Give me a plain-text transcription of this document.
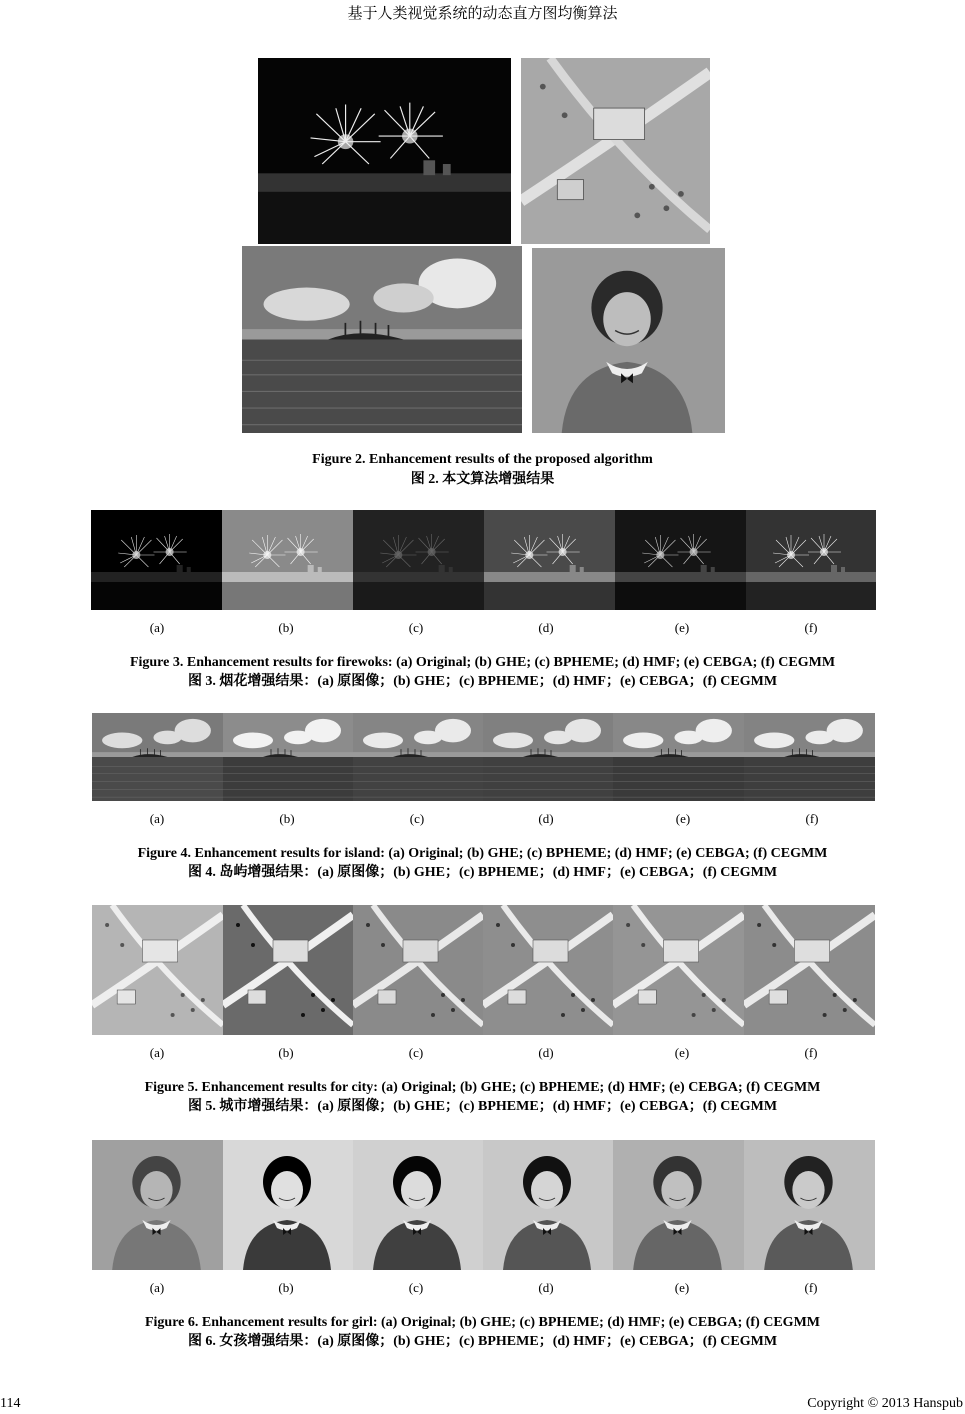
基于人类视觉系统的动态直方图均衡算法
Figure 2. Enhancement results of the proposed algorithm
图 2. 本文算法增强结果
(a)	(b)	(c)	(d)	(e)	(f)
Figure 3. Enhancement results for firewoks: (a) Original; (b) GHE; (c) BPHEME; (d) HMF; (e) CEBGA; (f) CEGMM
图 3. 烟花增强结果：(a) 原图像；(b) GHE；(c) BPHEME；(d) HMF；(e) CEBGA；(f) CEGMM
(a)	(b)	(c)	(d)	(e)	(f)
Figure 4. Enhancement results for island: (a) Original; (b) GHE; (c) BPHEME; (d) HMF; (e) CEBGA; (f) CEGMM
图 4. 岛屿增强结果：(a) 原图像；(b) GHE；(c) BPHEME；(d) HMF；(e) CEBGA；(f) CEGMM
(a)	(b)	(c)	(d)	(e)	(f)
Figure 5. Enhancement results for city: (a) Original; (b) GHE; (c) BPHEME; (d) HMF; (e) CEBGA; (f) CEGMM
图 5. 城市增强结果：(a) 原图像；(b) GHE；(c) BPHEME；(d) HMF；(e) CEBGA；(f) CEGMM
(a)	(b)	(c)	(d)	(e)	(f)
Figure 6. Enhancement results for girl: (a) Original; (b) GHE; (c) BPHEME; (d) HMF; (e) CEBGA; (f) CEGMM
图 6. 女孩增强结果：(a) 原图像；(b) GHE；(c) BPHEME；(d) HMF；(e) CEBGA；(f) CEGMM
114	Copyright © 2013 Hanspub
